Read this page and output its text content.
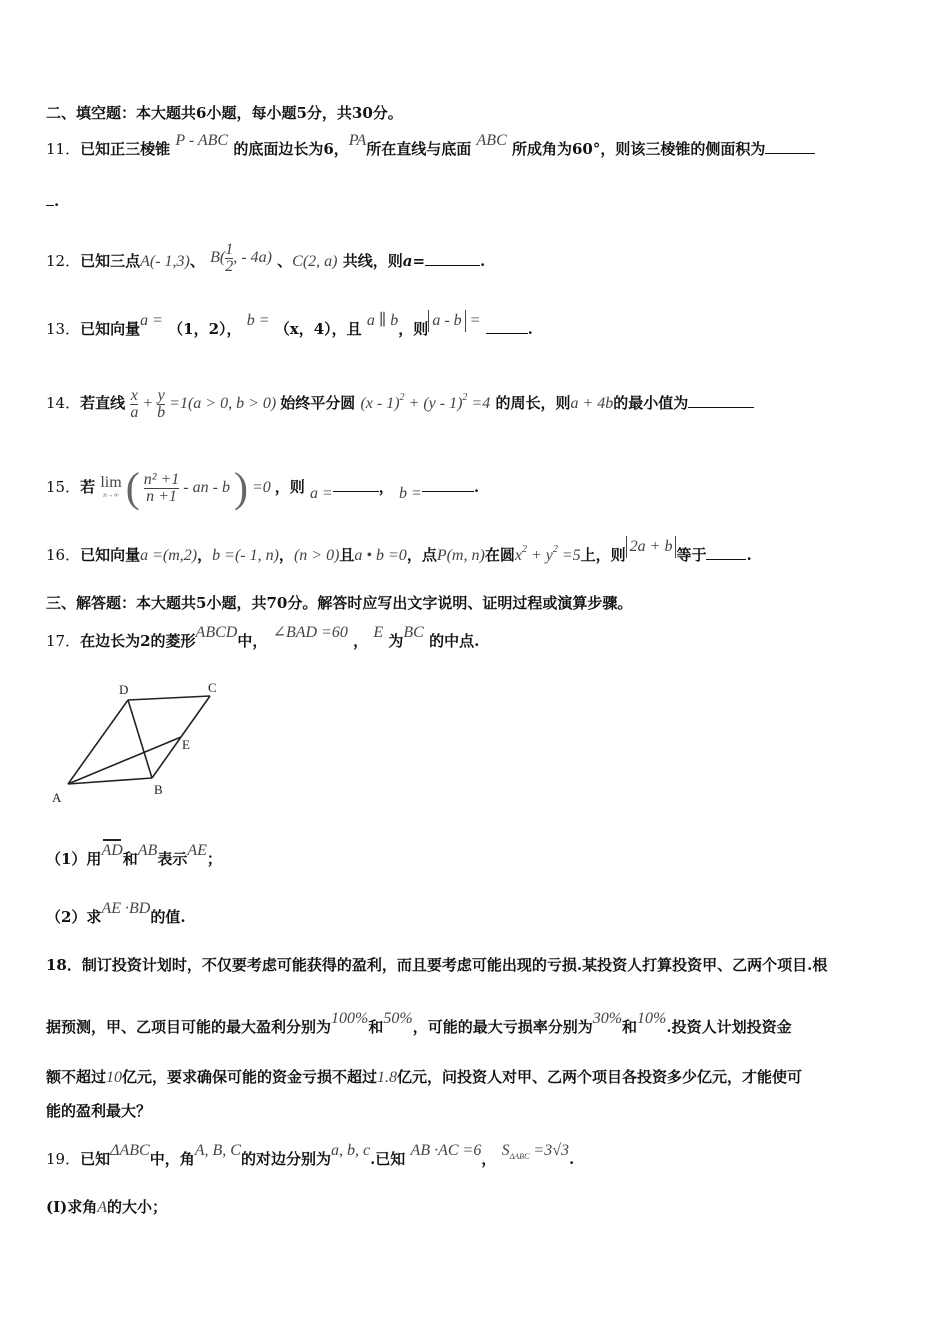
二、填空题：本大题共6小题，每小题5分，共30分。
11．已知正三棱锥 P - ABC 的底面边长为6，PA所在直线与底面 ABC 所成角为60°，则该三棱锥的侧面积为
.
12．已知三点A(- 1,3)、 $B( \frac{1}{2}$ , - 4a) 、C(2, a) 共线，则a=	.
13．已知向量a = （1，2）， b = （x，4），且 a ∥ b，则 a - b =	.
14．若直线 $\frac{x}{a} + \frac{y}{b} =1(a > 0$, b > 0) 始终平分圆 (x - 1)$^2$ + (y - 1)$^2$ =4 的周长，则a + 4b的最小值为
15．若 lim
n→∞ ( $\frac{\text{n² +1}}{n +1}$ - an - b ) =0 ，则 a =	， b =	.
16．已知向量a =(m,2)，b =(- 1, n)，(n > 0)且a • b =0，点P(m, n)在圆$x^2 + y^2 =5$上，则 2a + b 等于	.
三、解答题：本大题共5小题，共70分。解答时应写出文字说明、证明过程或演算步骤。
17．在边长为2的菱形ABCD中， ∠BAD =60 ， E 为BC 的中点.
D	C
E
A
B
（1）用AD和AB表示AE；
（2）求AE ·BD的值.
18．制订投资计划时，不仅要考虑可能获得的盈利，而且要考虑可能出现的亏损.某投资人打算投资甲、乙两个项目.根
据预测，甲、乙项目可能的最大盈利分别为100%和50%，可能的最大亏损率分别为30%和10%.投资人计划投资金
额不超过10亿元，要求确保可能的资金亏损不超过1.8亿元，问投资人对甲、乙两个项目各投资多少亿元，才能使可
能的盈利最大？
19．已知ΔABC中，角A, B, C的对边分别为a, b, c.已知 AB ·AC =6， $S_{\Delta ABC} =3√3$.
(I)求角A的大小；
